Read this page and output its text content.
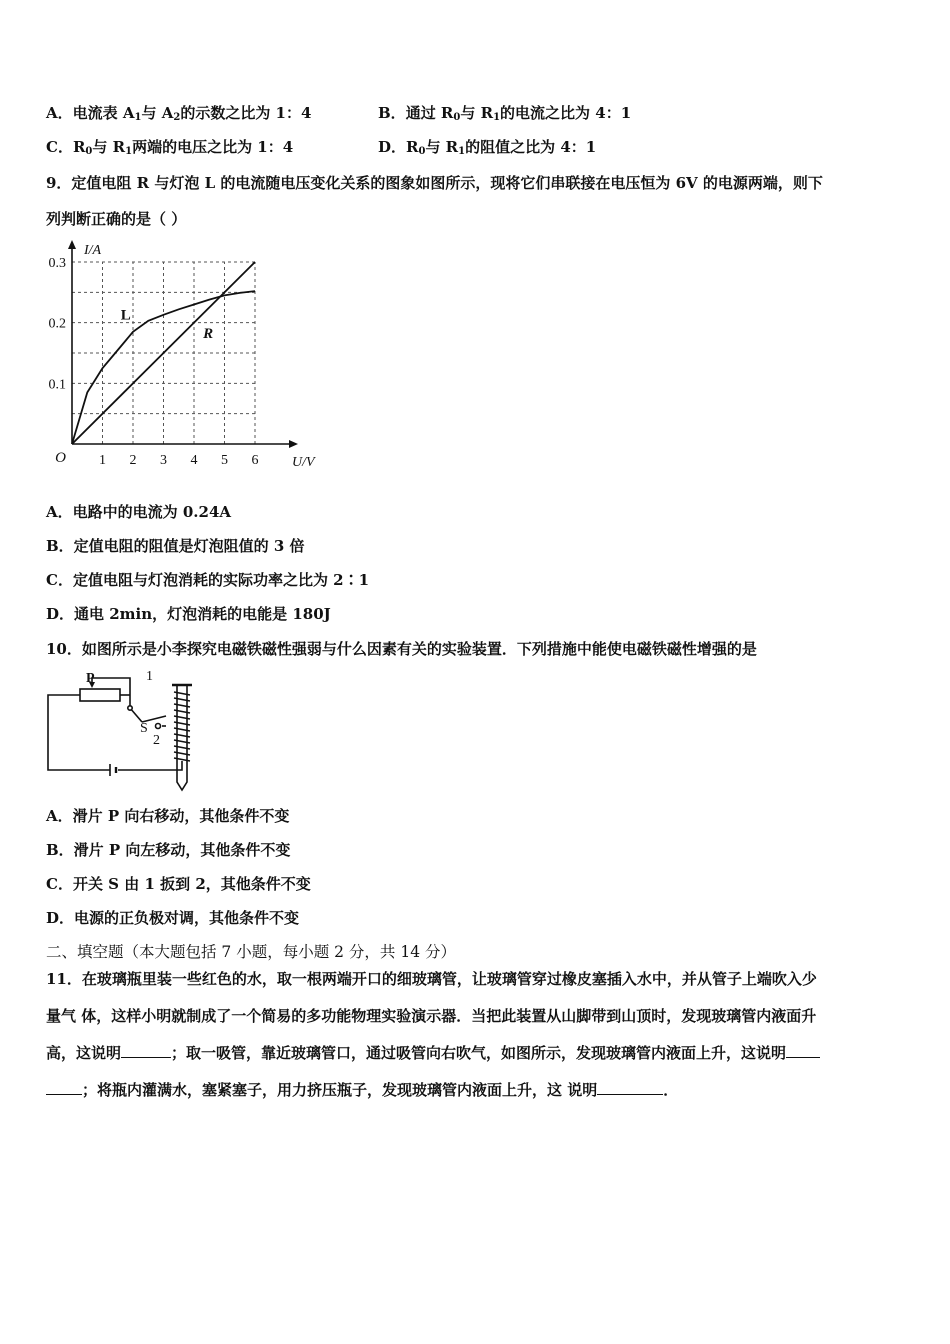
A．电流表 $A_1$与 $A_2$的示数之比为 1：4	B．通过 $R_0$与 $R_1$的电流之比为 4：1
C．$R_0$与 $R_1$两端的电压之比为 1：4	D．$R_0$与 $R_1$的阻值之比为 4：1
9．定值电阻 R 与灯泡 L 的电流随电压变化关系的图象如图所示，现将它们串联接在电压恒为 6V 的电源两端，则下
列判断正确的是（ ）
1 2 3 4 5 6
0.1
0.2
0.3
O	U/V
I/A
L
R
A．电路中的电流为 0.24A
B．定值电阻的阻值是灯泡阻值的 3 倍
C．定值电阻与灯泡消耗的实际功率之比为 2∶1
D．通电 2min，灯泡消耗的电能是 180J
10．如图所示是小李探究电磁铁磁性强弱与什么因素有关的实验装置．下列措施中能使电磁铁磁性增强的是
P	1
S
2
A．滑片 P 向右移动，其他条件不变
B．滑片 P 向左移动，其他条件不变
C．开关 S 由 1 扳到 2，其他条件不变
D．电源的正负极对调，其他条件不变
二、填空题（本大题包括 7 小题，每小题 2 分，共 14 分）
11．在玻璃瓶里装一些红色的水，取一根两端开口的细玻璃管，让玻璃管穿过橡皮塞插入水中，并从管子上端吹入少
量气 体，这样小明就制成了一个简易的多功能物理实验演示器．当把此装置从山脚带到山顶时，发现玻璃管内液面升
高，这说明	；取一吸管，靠近玻璃管口，通过吸管向右吹气，如图所示，发现玻璃管内液面上升，这说明
；将瓶内灌满水，塞紧塞子，用力挤压瓶子，发现玻璃管内液面上升，这 说明	．
